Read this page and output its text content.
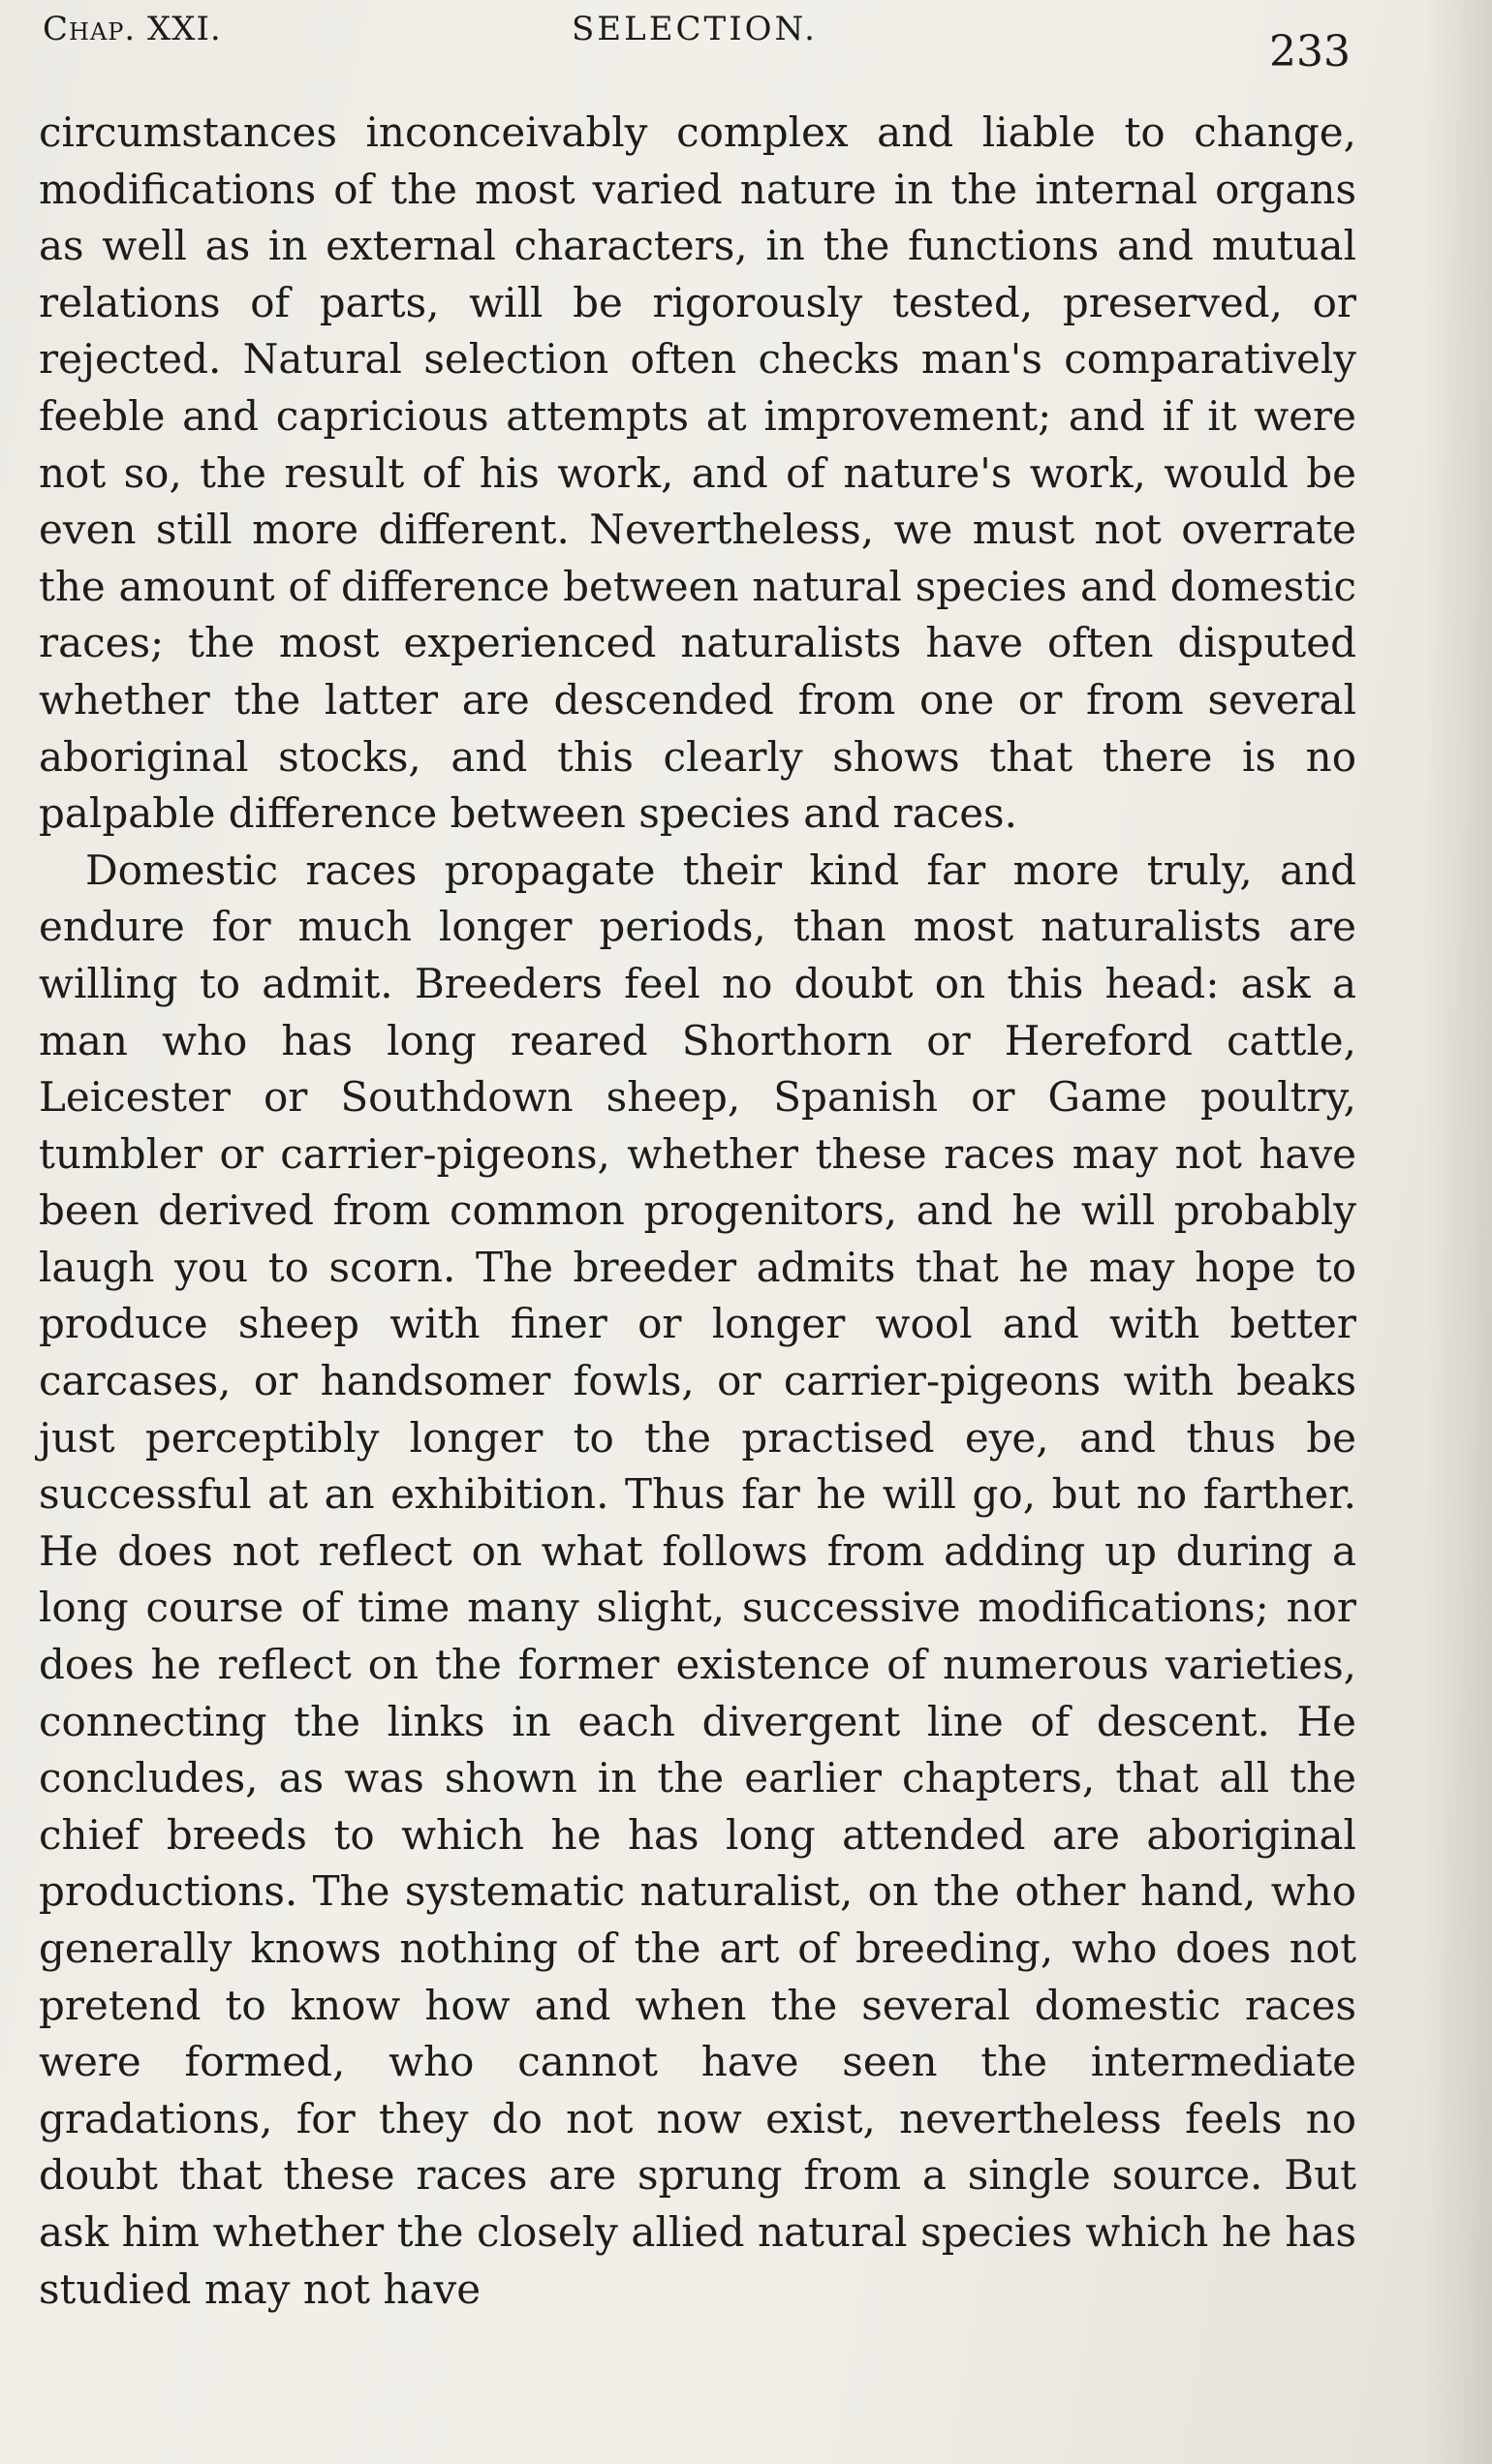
Chap. XXI.	SELECTION.	233

circumstances inconceivably complex and liable to change, modifications of the most varied nature in the internal organs as well as in external characters, in the functions and mutual relations of parts, will be rigorously tested, preserved, or rejected. Natural selection often checks man's comparatively feeble and capricious attempts at improvement; and if it were not so, the result of his work, and of nature's work, would be even still more different. Nevertheless, we must not overrate the amount of difference between natural species and domestic races; the most experienced naturalists have often disputed whether the latter are descended from one or from several aboriginal stocks, and this clearly shows that there is no palpable difference between species and races.

Domestic races propagate their kind far more truly, and endure for much longer periods, than most naturalists are willing to admit. Breeders feel no doubt on this head: ask a man who has long reared Shorthorn or Hereford cattle, Leicester or Southdown sheep, Spanish or Game poultry, tumbler or carrier-pigeons, whether these races may not have been derived from common progenitors, and he will probably laugh you to scorn. The breeder admits that he may hope to produce sheep with finer or longer wool and with better carcases, or handsomer fowls, or carrier-pigeons with beaks just perceptibly longer to the practised eye, and thus be successful at an exhibition. Thus far he will go, but no farther. He does not reflect on what follows from adding up during a long course of time many slight, successive modifications; nor does he reflect on the former existence of numerous varieties, connecting the links in each divergent line of descent. He concludes, as was shown in the earlier chapters, that all the chief breeds to which he has long attended are aboriginal productions. The systematic naturalist, on the other hand, who generally knows nothing of the art of breeding, who does not pretend to know how and when the several domestic races were formed, who cannot have seen the intermediate gradations, for they do not now exist, nevertheless feels no doubt that these races are sprung from a single source. But ask him whether the closely allied natural species which he has studied may not have
